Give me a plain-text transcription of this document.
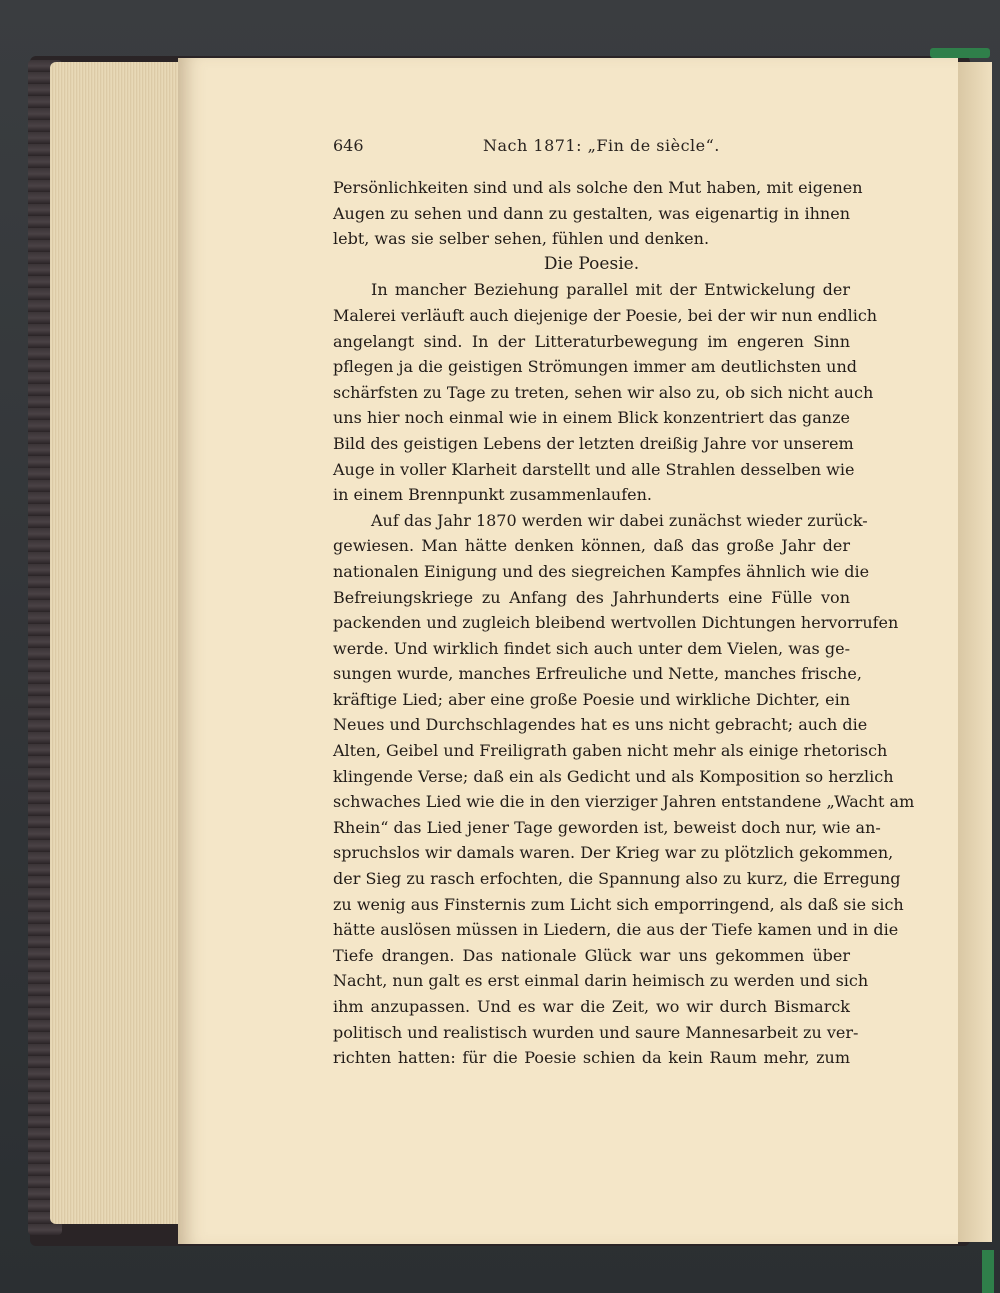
646	Nach 1871: „Fin de siècle“.
Persönlichkeiten sind und als solche den Mut haben, mit eigenen
Augen zu sehen und dann zu gestalten, was eigenartig in ihnen
lebt, was sie selber sehen, fühlen und denken.
Die Poesie.
In mancher Beziehung parallel mit der Entwickelung der
Malerei verläuft auch diejenige der Poesie, bei der wir nun endlich
angelangt sind. In der Litteraturbewegung im engeren Sinn
pflegen ja die geistigen Strömungen immer am deutlichsten und
schärfsten zu Tage zu treten, sehen wir also zu, ob sich nicht auch
uns hier noch einmal wie in einem Blick konzentriert das ganze
Bild des geistigen Lebens der letzten dreißig Jahre vor unserem
Auge in voller Klarheit darstellt und alle Strahlen desselben wie
in einem Brennpunkt zusammenlaufen.
Auf das Jahr 1870 werden wir dabei zunächst wieder zurück-
gewiesen. Man hätte denken können, daß das große Jahr der
nationalen Einigung und des siegreichen Kampfes ähnlich wie die
Befreiungskriege zu Anfang des Jahrhunderts eine Fülle von
packenden und zugleich bleibend wertvollen Dichtungen hervorrufen
werde. Und wirklich findet sich auch unter dem Vielen, was ge-
sungen wurde, manches Erfreuliche und Nette, manches frische,
kräftige Lied; aber eine große Poesie und wirkliche Dichter, ein
Neues und Durchschlagendes hat es uns nicht gebracht; auch die
Alten, Geibel und Freiligrath gaben nicht mehr als einige rhetorisch
klingende Verse; daß ein als Gedicht und als Komposition so herzlich
schwaches Lied wie die in den vierziger Jahren entstandene „Wacht am
Rhein“ das Lied jener Tage geworden ist, beweist doch nur, wie an-
spruchslos wir damals waren. Der Krieg war zu plötzlich gekommen,
der Sieg zu rasch erfochten, die Spannung also zu kurz, die Erregung
zu wenig aus Finsternis zum Licht sich emporringend, als daß sie sich
hätte auslösen müssen in Liedern, die aus der Tiefe kamen und in die
Tiefe drangen. Das nationale Glück war uns gekommen über
Nacht, nun galt es erst einmal darin heimisch zu werden und sich
ihm anzupassen. Und es war die Zeit, wo wir durch Bismarck
politisch und realistisch wurden und saure Mannesarbeit zu ver-
richten hatten: für die Poesie schien da kein Raum mehr, zum
